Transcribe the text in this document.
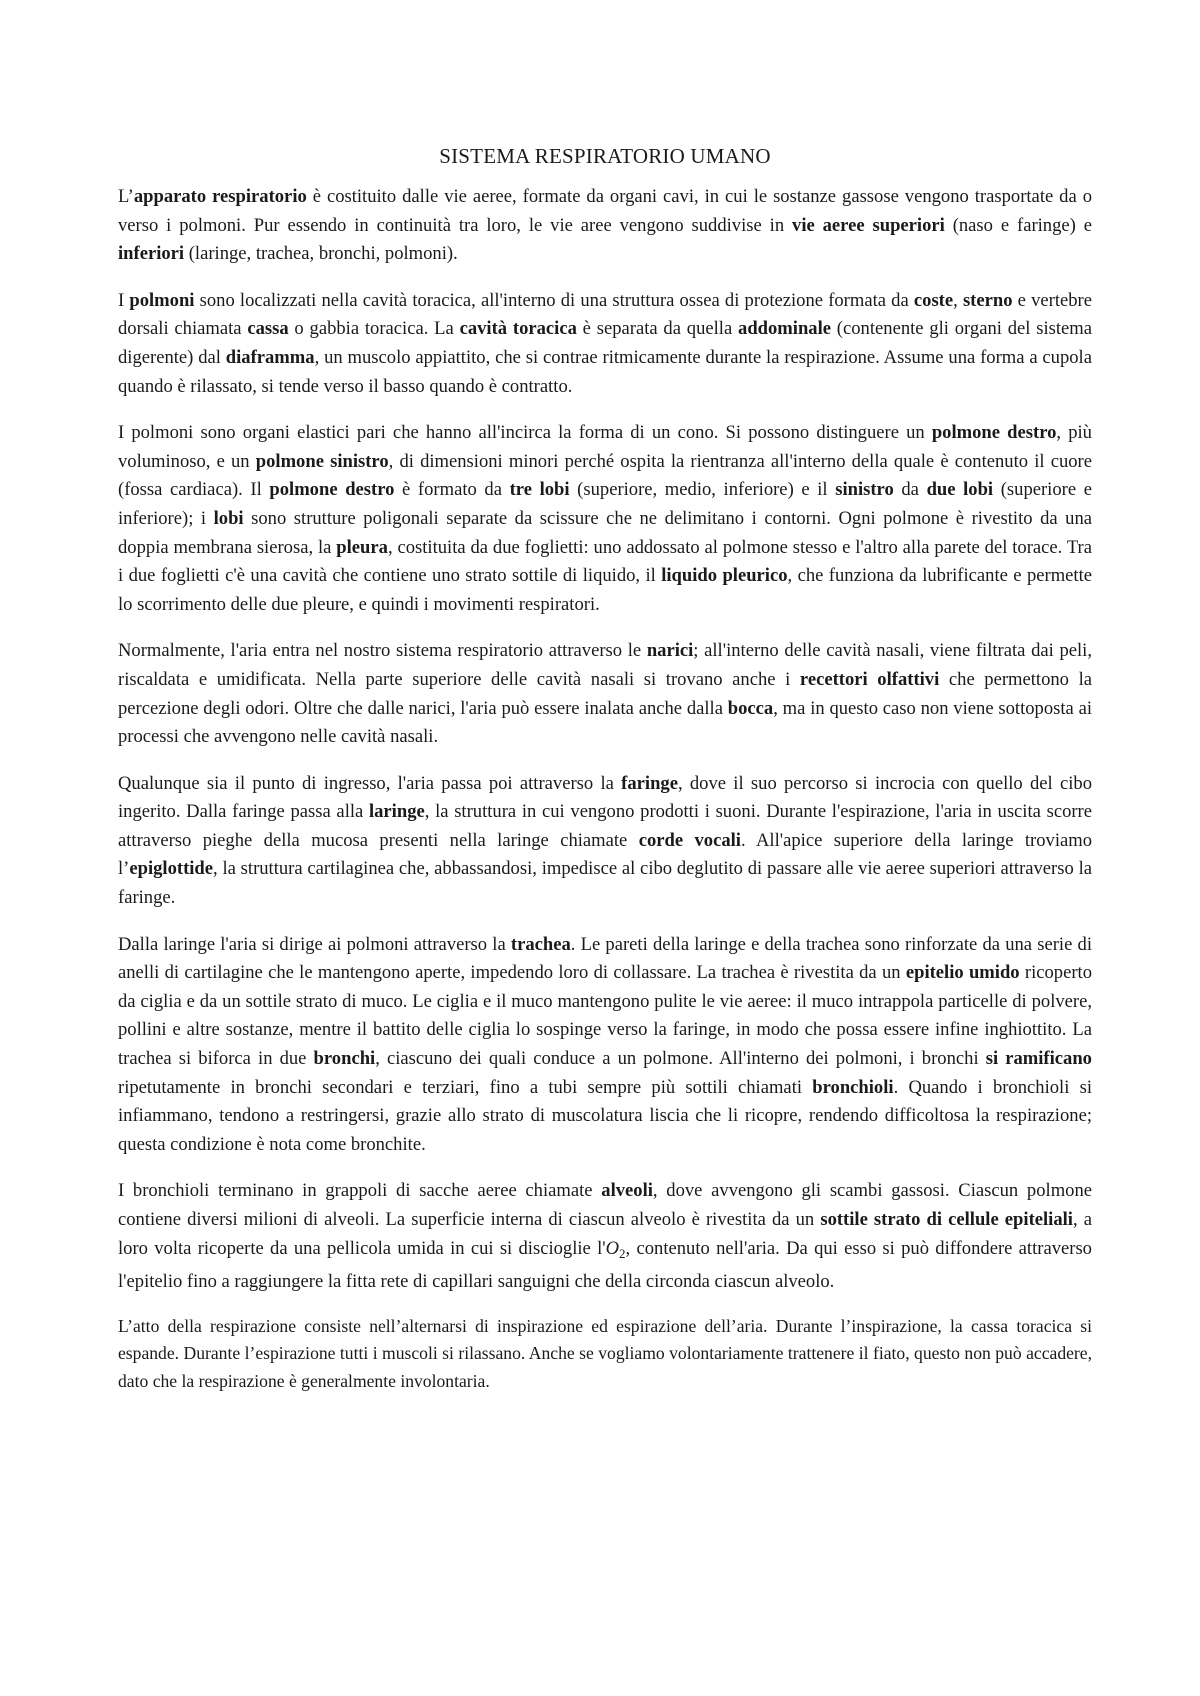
SISTEMA RESPIRATORIO UMANO

L’apparato respiratorio è costituito dalle vie aeree, formate da organi cavi, in cui le sostanze gassose vengono trasportate da o verso i polmoni. Pur essendo in continuità tra loro, le vie aree vengono suddivise in vie aeree superiori (naso e faringe) e inferiori (laringe, trachea, bronchi, polmoni).

I polmoni sono localizzati nella cavità toracica, all'interno di una struttura ossea di protezione formata da coste, sterno e vertebre dorsali chiamata cassa o gabbia toracica. La cavità toracica è separata da quella addominale (contenente gli organi del sistema digerente) dal diaframma, un muscolo appiattito, che si contrae ritmicamente durante la respirazione. Assume una forma a cupola quando è rilassato, si tende verso il basso quando è contratto.

I polmoni sono organi elastici pari che hanno all'incirca la forma di un cono. Si possono distinguere un polmone destro, più voluminoso, e un polmone sinistro, di dimensioni minori perché ospita la rientranza all'interno della quale è contenuto il cuore (fossa cardiaca). Il polmone destro è formato da tre lobi (superiore, medio, inferiore) e il sinistro da due lobi (superiore e inferiore); i lobi sono strutture poligonali separate da scissure che ne delimitano i contorni. Ogni polmone è rivestito da una doppia membrana sierosa, la pleura, costituita da due foglietti: uno addossato al polmone stesso e l'altro alla parete del torace. Tra i due foglietti c'è una cavità che contiene uno strato sottile di liquido, il liquido pleurico, che funziona da lubrificante e permette lo scorrimento delle due pleure, e quindi i movimenti respiratori.

Normalmente, l'aria entra nel nostro sistema respiratorio attraverso le narici; all'interno delle cavità nasali, viene filtrata dai peli, riscaldata e umidificata. Nella parte superiore delle cavità nasali si trovano anche i recettori olfattivi che permettono la percezione degli odori. Oltre che dalle narici, l'aria può essere inalata anche dalla bocca, ma in questo caso non viene sottoposta ai processi che avvengono nelle cavità nasali.

Qualunque sia il punto di ingresso, l'aria passa poi attraverso la faringe, dove il suo percorso si incrocia con quello del cibo ingerito. Dalla faringe passa alla laringe, la struttura in cui vengono prodotti i suoni. Durante l'espirazione, l'aria in uscita scorre attraverso pieghe della mucosa presenti nella laringe chiamate corde vocali. All'apice superiore della laringe troviamo l’epiglottide, la struttura cartilaginea che, abbassandosi, impedisce al cibo deglutito di passare alle vie aeree superiori attraverso la faringe.

Dalla laringe l'aria si dirige ai polmoni attraverso la trachea. Le pareti della laringe e della trachea sono rinforzate da una serie di anelli di cartilagine che le mantengono aperte, impedendo loro di collassare. La trachea è rivestita da un epitelio umido ricoperto da ciglia e da un sottile strato di muco. Le ciglia e il muco mantengono pulite le vie aeree: il muco intrappola particelle di polvere, pollini e altre sostanze, mentre il battito delle ciglia lo sospinge verso la faringe, in modo che possa essere infine inghiottito. La trachea si biforca in due bronchi, ciascuno dei quali conduce a un polmone. All'interno dei polmoni, i bronchi si ramificano ripetutamente in bronchi secondari e terziari, fino a tubi sempre più sottili chiamati bronchioli. Quando i bronchioli si infiammano, tendono a restringersi, grazie allo strato di muscolatura liscia che li ricopre, rendendo difficoltosa la respirazione; questa condizione è nota come bronchite.

I bronchioli terminano in grappoli di sacche aeree chiamate alveoli, dove avvengono gli scambi gassosi. Ciascun polmone contiene diversi milioni di alveoli. La superficie interna di ciascun alveolo è rivestita da un sottile strato di cellule epiteliali, a loro volta ricoperte da una pellicola umida in cui si discioglie $l'O_2$, contenuto nell'aria. Da qui esso si può diffondere attraverso l'epitelio fino a raggiungere la fitta rete di capillari sanguigni che della circonda ciascun alveolo.

L’atto della respirazione consiste nell’alternarsi di inspirazione ed espirazione dell’aria. Durante l’inspirazione, la cassa toracica si espande. Durante l’espirazione tutti i muscoli si rilassano. Anche se vogliamo volontariamente trattenere il fiato, questo non può accadere, dato che la respirazione è generalmente involontaria.
